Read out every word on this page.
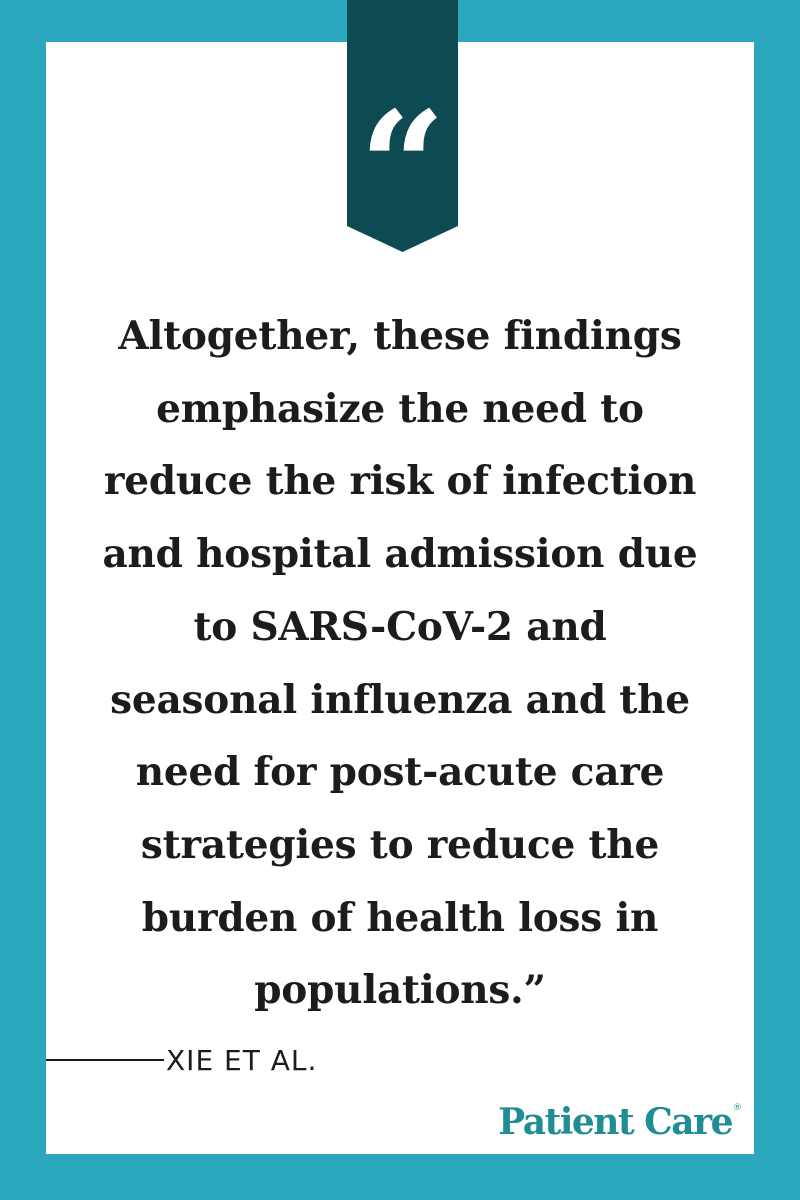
“

Altogether, these findings
emphasize the need to
reduce the risk of infection
and hospital admission due
to SARS-CoV-2 and
seasonal influenza and the
need for post-acute care
strategies to reduce the
burden of health loss in
populations.”

XIE ET AL.
Patient Care®
